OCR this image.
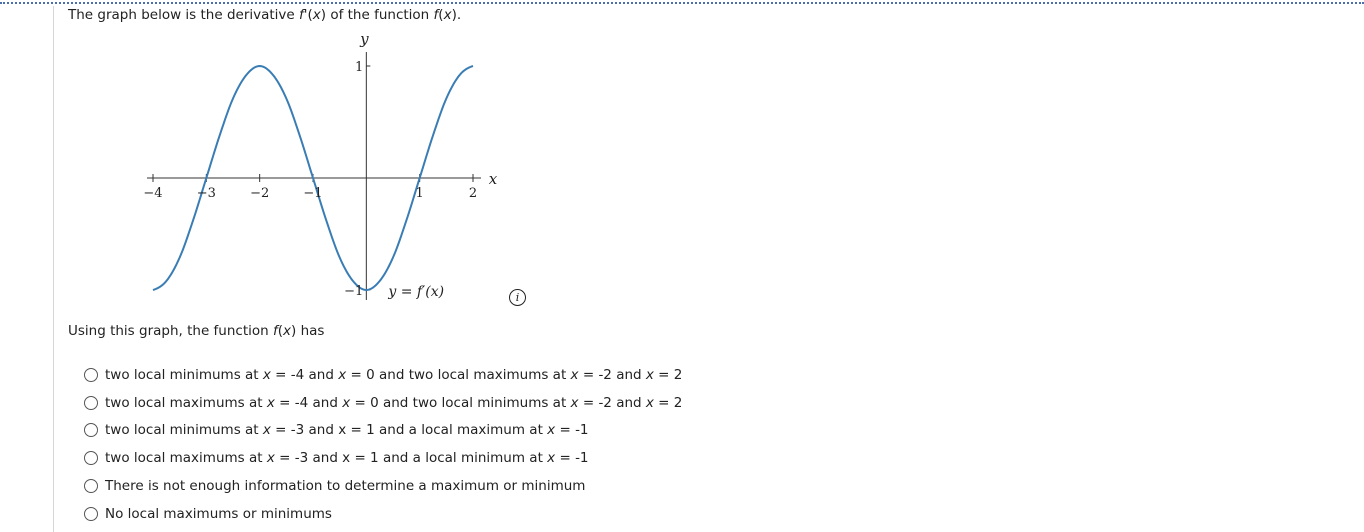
The graph below is the derivative f'(x) of the function f(x).
−4	−3	−2	−1	1	2
1
−1
x
y
y = f′(x)	i
Using this graph, the function f(x) has
two local minimums at x = -4 and x = 0 and two local maximums at x = -2 and x = 2
two local maximums at x = -4 and x = 0 and two local minimums at x = -2 and x = 2
two local minimums at x = -3 and x = 1 and a local maximum at x = -1
two local maximums at x = -3 and x = 1 and a local minimum at x = -1
There is not enough information to determine a maximum or minimum
No local maximums or minimums
